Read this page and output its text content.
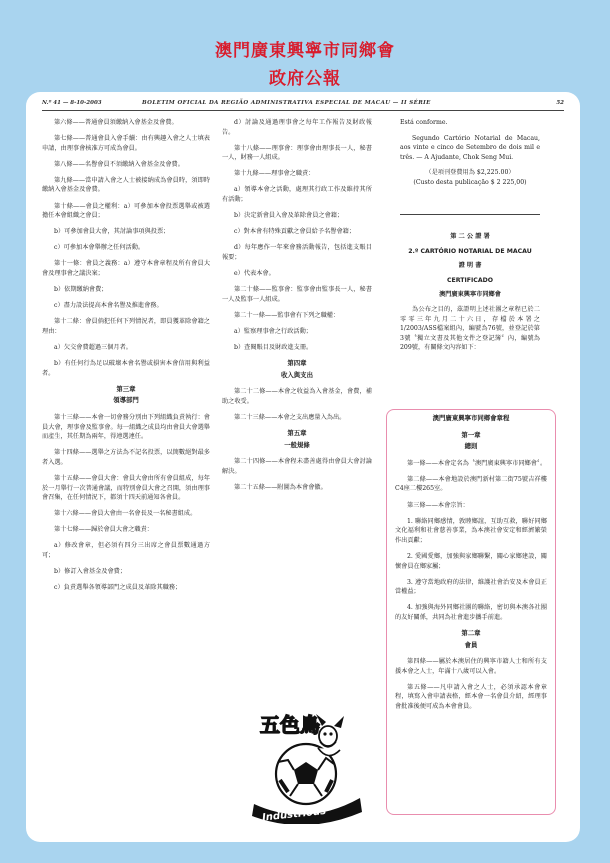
澳門廣東興寧市同鄉會
政府公報
N.º 41 — 8-10-2003	BOLETIM OFICIAL DA REGIÃO ADMINISTRATIVA ESPECIAL DE MACAU — II SÉRIE	52
第六條——普通會員須繳納入會基金及會費。
第七條——普通會員入會手續：由有興趣入會之人士填表申請，由理事會核准方可成為會員。
第八條——名譽會員不須繳納入會基金及會費。
第九條——當申請入會之人士被接納成為會員時，須即時繳納入會基金及會費。
第十條——會員之權利：a）可參加本會投票選舉或被選擔任本會組織之會員；
b）可參加會員大會，其討論事項與投票；
c）可參加本會舉辦之任何活動。
第十一條：會員之義務：a）遵守本會章程及所有會員大會及理事會之議決案；
b）依期繳納會費；
c）盡力設法提高本會名譽及推進會務。
第十二條：會員倘犯任何下列情況者，即員獲革除會籍之理由：
a）欠交會費超過三個月者。
b）有任何行為足以破壞本會名譽或損害本會信用與利益者。
第三章
領導部門
第十三條——本會一切會務分別由下列組織負責執行：會員大會，理事會及監事會。每一組織之成員均由會員大會選舉而產生，其任期為兩年，得連選連任。
第十四條——選舉之方法為不記名投票，以簡數絕對最多者入選。
第十五條——會員大會：會員大會由所有會員組成，每年於一月舉行一次普通會議，而特別會員大會之召開，須由理事會召集，在任何情況下，都須十四天前通知各會員。
第十六條——會員大會由一名會長及一名秘書組成。
第十七條——歸於會員大會之職責：
a）修改會章，但必須有四分三出席之會員票數通過方可；
b）修訂入會基金及會費；
c）負責選舉各領導部門之成員及革除其職務；
d）討論及通過理事會之每年工作報告及財政報告。
第十八條——理事會：理事會由理事長一人，秘書一人，財務一人組成。
第十九條——理事會之職責：
a）領導本會之活動，處理其行政工作及維持其所有活動；
b）決定新會員入會及革除會員之會籍；
c）對本會有特殊貢獻之會員給予名譽會籍；
d）每年應作一年來會務活動報告，包括進支賬目報要；
e）代表本會。
第二十條——監事會：監事會由監事長一人，秘書一人及監事一人組成。
第二十一條——監事會有下列之職權：
a）監察理事會之行政活動；
b）查閱賬目及財政進支冊。
第四章
收入與支出
第二十二條——本會之收益為入會基金，會費，補助之收受。
第二十三條——本會之支出應量入為出。
第五章
一般規條
第二十四條——本會程未盡善處得由會員大會討論解決。
第二十五條——附圖為本會會徽。
Está conforme.
Segundo Cartório Notarial de Macau, aos vinte e cinco de Setembro de dois mil e três. — A Ajudante, Chok Seng Mui.
（是項刊登費用為 $2,225.00）
(Custo desta publicação $ 2 225,00)
第 二 公 證 署
2.º CARTÓRIO NOTARIAL DE MACAU
證 明 書
CERTIFICADO
澳門廣東興寧市同鄉會
為公布之目的，茲證明上述社團之章程已於二零零三年九月二十六日，存檔於本署之1/2003/ASS檔案組內，編號為76號，並登記於第3號〝獨立文書及其他文件之登記簿〞內，編號為209號，有關條文內容如下：
澳門廣東興寧市同鄉會章程
第一章
總則
第一條——本會定名為〝澳門廣東興寧市同鄉會〞。
第二條——本會地設於澳門新村第二街75號吉祥樓C4座二樓265室。
第三條——本會宗旨：
1. 聯絡同鄉感情，敦睦鄉誼，互助互救，聯好同鄉文化福利和社會慈善事業，為本澳社會安定和經濟繁榮作出貢獻；
2. 愛國愛鄉，加強與家鄉聯繫，關心家鄉建設，關懷會員在鄉家屬；
3. 遵守當地政府的法律，維護社會治安及本會員正當權益；
4. 加強與海外同鄉社團的聯絡，密切與本澳各社團的友好關係，共同為社會進步攜手前進。
第二章
會員
第四條——屬於本澳居住的興寧市籍人士和所有支援本會之人士，年滿十八歲可以入會。
第五條——凡申請入會之人士，必須承認本會章程，填寫入會申請表格，經本會一名會員介紹，經理事會批准後便可成為本會會員。
五色鳥
Industrious
